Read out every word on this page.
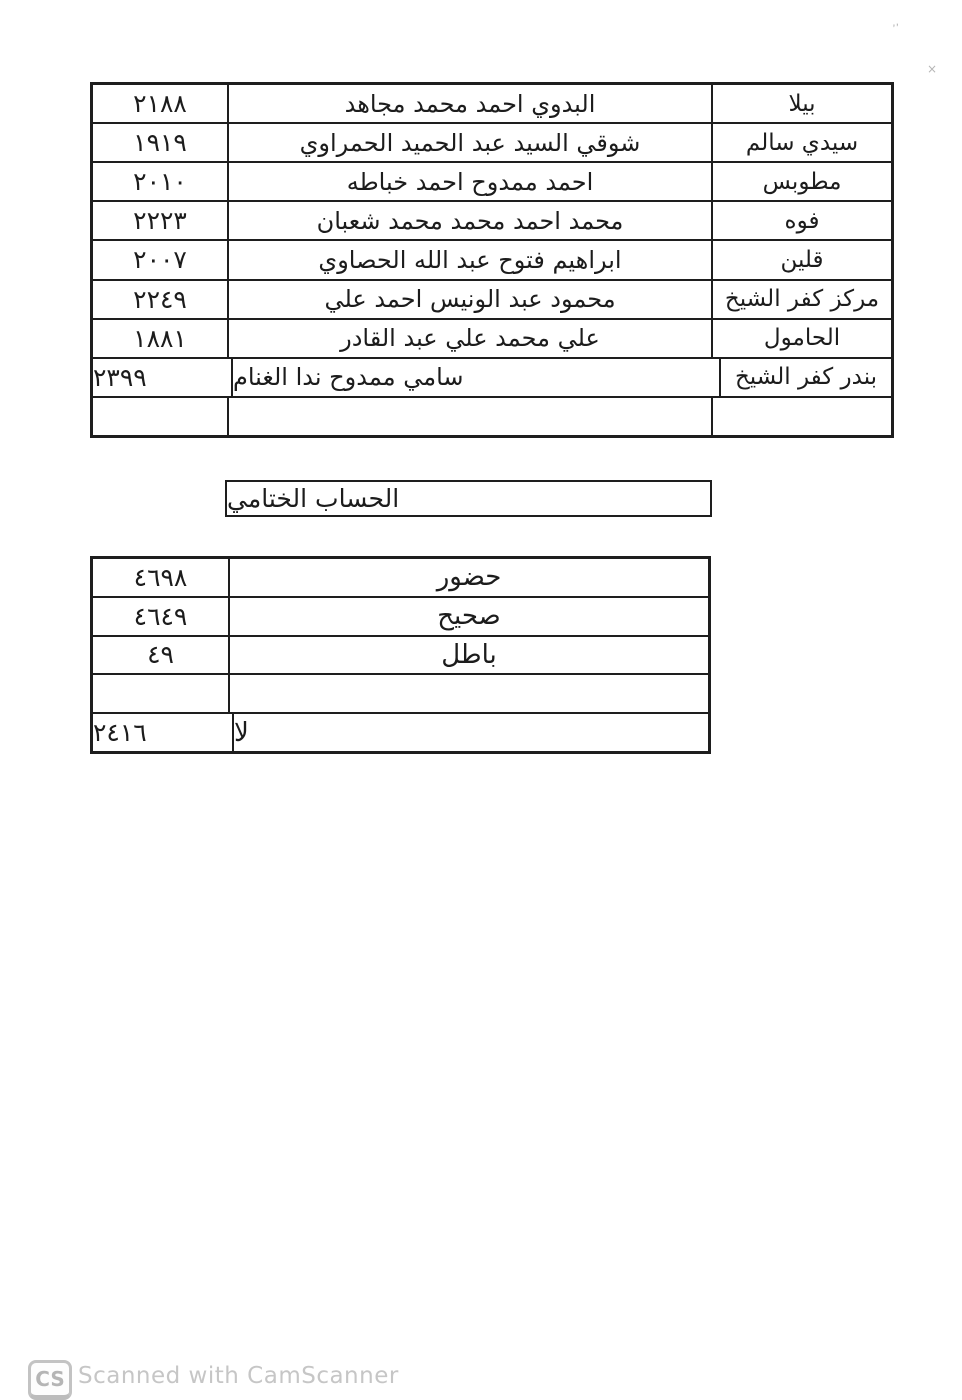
٢١٨٨	البدوي احمد محمد مجاهد	بيلا
١٩١٩	شوقي السيد عبد الحميد الحمراوي	سيدي سالم
٢٠١٠	احمد ممدوح احمد خباطه	مطوبس
٢٢٢٣	محمد احمد محمد محمد شعبان	فوه
٢٠٠٧	ابراهيم فتوح عبد الله الحصاوي	قلين
٢٢٤٩	محمود عبد الونيس احمد علي	مركز كفر الشيخ
١٨٨١	علي محمد علي عبد القادر	الحامول
٢٣٩٩	سامي ممدوح ندا الغنام	بندر كفر الشيخ
الحساب الختامي
٤٦٩٨	حضور
٤٦٤٩	صحيح
٤٩	باطل
٢٤١٦	لا
٬٬
×
CS Scanned with CamScanner
